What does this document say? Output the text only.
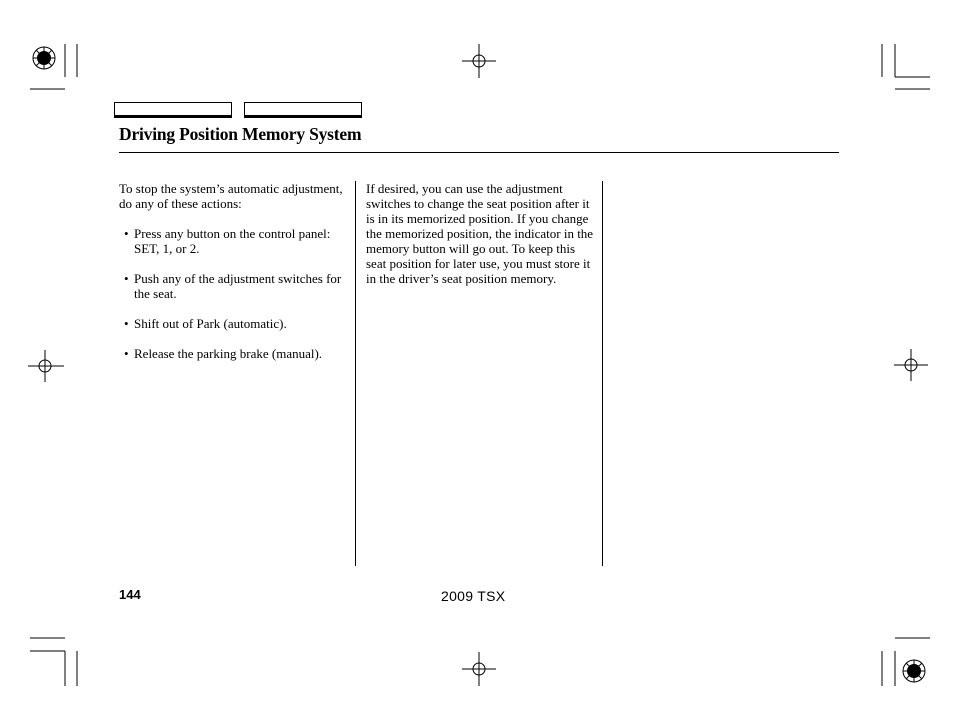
Driving Position Memory System

To stop the system’s automatic adjustment, do any of these actions:

• Press any button on the control panel: SET, 1, or 2.
• Push any of the adjustment switches for the seat.
• Shift out of Park (automatic).
• Release the parking brake (manual).

If desired, you can use the adjustment switches to change the seat position after it is in its memorized position. If you change the memorized position, the indicator in the memory button will go out. To keep this seat position for later use, you must store it in the driver’s seat position memory.

144	2009 TSX
